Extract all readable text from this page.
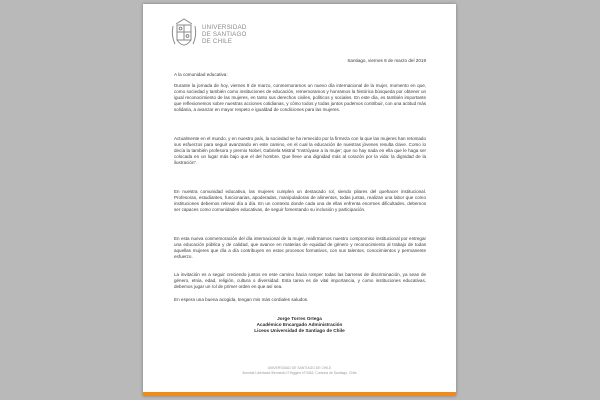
UNIVERSIDAD
DE SANTIAGO
DE CHILE
Santiago, viernes 8 de marzo del 2019
A la comunidad educativa:

Durante la jornada de hoy, viernes 8 de marzo, conmemoramos un nuevo día internacional de la mujer, momento en que, como sociedad y también como instituciones de educación, rememoramos y honramos la histórica búsqueda por obtener un igual reconocimiento de las mujeres, en tanto sus derechos civiles, políticos y sociales. En este día, es también importante que reflexionemos sobre nuestras acciones cotidianas, y cómo todos y todas juntos podemos contribuir, con una actitud más solidaria, a avanzar en mayor respeto e igualdad de condiciones para las mujeres.

Actualmente en el mundo, y en nuestro país, la sociedad se ha remecido por la firmeza con la que las mujeres han retomado sus esfuerzos para seguir avanzando en este camino, en el cual la educación de nuestras jóvenes resulta clave. Como lo decía la también profesora y premio Nobel, Gabriela Mistral “Instrúyase a la mujer; que no hay nada en ella que le haga ser colocada en un lugar más bajo que el del hombre. Que lleve una dignidad más al corazón por la vida: la dignidad de la ilustración”.

En nuestra comunidad educativa, las mujeres cumplen un destacado rol, siendo pilares del quehacer institucional. Profesoras, estudiantes, funcionarias, apoderadas, manipuladoras de alimentos, todas juntas, realizan una labor que como instituciones debemos relevar día a día. En un contexto donde cada una de ellas enfrenta enormes dificultades, debemos ser capaces como comunidades educativas, de seguir fomentando su inclusión y participación.

En esta nueva conmemoración del día internacional de la mujer, reafirmamos nuestro compromiso institucional por entregar una educación pública y de calidad, que avance en materias de equidad de género y reconocimiento al trabajo de todas aquellas mujeres que día a día contribuyen en estos procesos formativos, con sus talentos, conocimientos y permanente esfuerzo.

La invitación es a seguir creciendo juntos en este camino hacia romper todas las barreras de discriminación, ya sean de género, etnia, edad, religión, cultura o diversidad. Esta tarea es de vital importancia, y como instituciones educativas, debemos jugar un rol de primer orden en que así sea.

En espera una buena acogida, tengan mis más cordiales saludos.
Jorge Torres Ortega
Académico Encargado Administración
Liceos Universidad de Santiago de Chile
UNIVERSIDAD DE SANTIAGO DE CHILE
Avenida Libertador Bernardo O’Higgins N°3363, Comuna de Santiago, Chile
